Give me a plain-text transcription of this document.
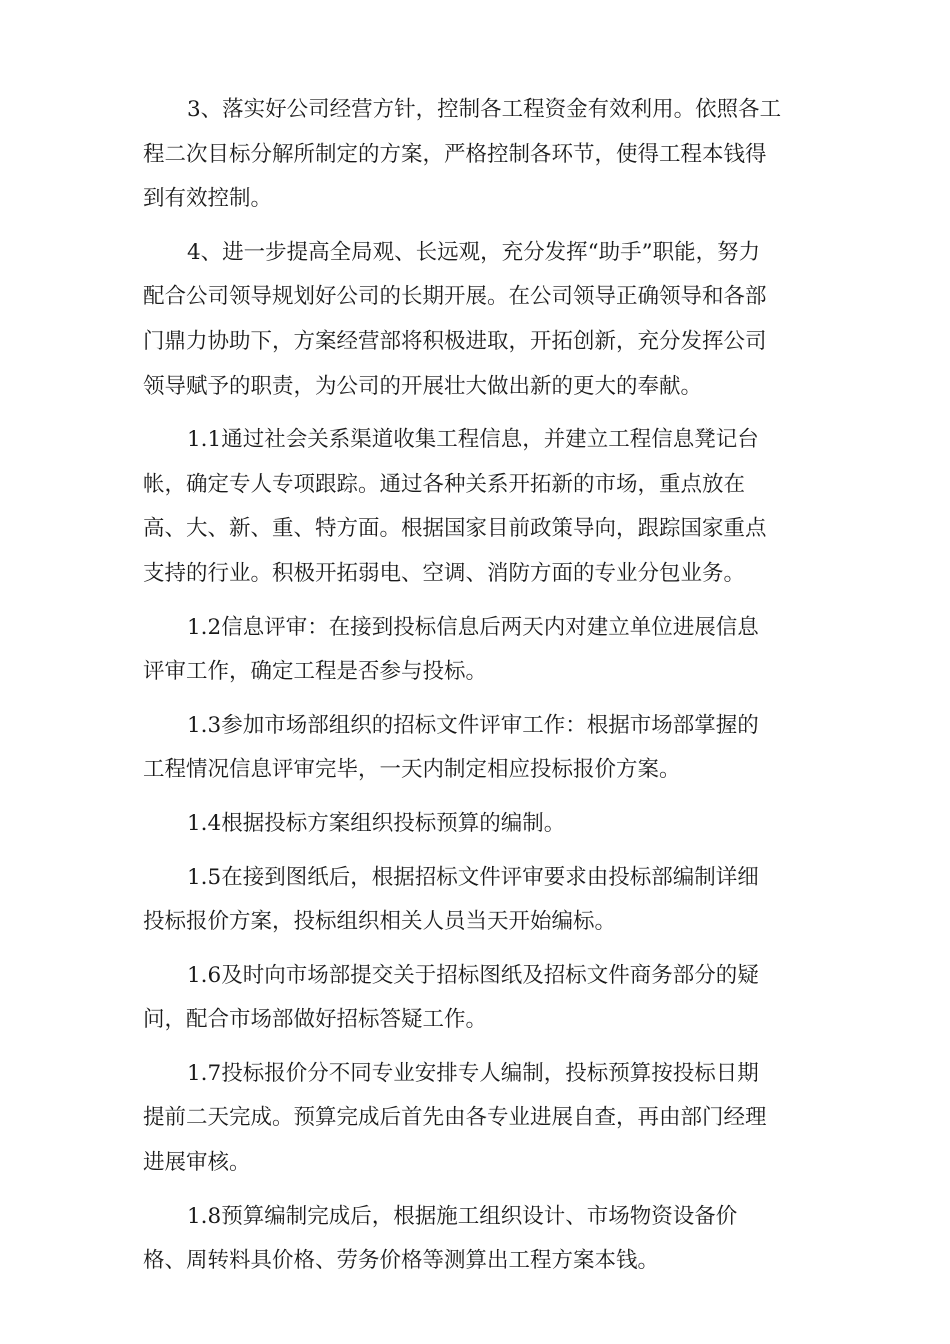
3、落实好公司经营方针，控制各工程资金有效利用。依照各工
程二次目标分解所制定的方案，严格控制各环节，使得工程本钱得
到有效控制。

4、进一步提高全局观、长远观，充分发挥“助手”职能，努力
配合公司领导规划好公司的长期开展。在公司领导正确领导和各部
门鼎力协助下，方案经营部将积极进取，开拓创新，充分发挥公司
领导赋予的职责，为公司的开展壮大做出新的更大的奉献。

1.1通过社会关系渠道收集工程信息，并建立工程信息凳记台
帐，确定专人专项跟踪。通过各种关系开拓新的市场，重点放在
高、大、新、重、特方面。根据国家目前政策导向，跟踪国家重点
支持的行业。积极开拓弱电、空调、消防方面的专业分包业务。

1.2信息评审：在接到投标信息后两天内对建立单位进展信息
评审工作，确定工程是否参与投标。

1.3参加市场部组织的招标文件评审工作：根据市场部掌握的
工程情况信息评审完毕，一天内制定相应投标报价方案。

1.4根据投标方案组织投标预算的编制。

1.5在接到图纸后，根据招标文件评审要求由投标部编制详细
投标报价方案，投标组织相关人员当天开始编标。

1.6及时向市场部提交关于招标图纸及招标文件商务部分的疑
问，配合市场部做好招标答疑工作。

1.7投标报价分不同专业安排专人编制，投标预算按投标日期
提前二天完成。预算完成后首先由各专业进展自查，再由部门经理
进展审核。

1.8预算编制完成后，根据施工组织设计、市场物资设备价
格、周转料具价格、劳务价格等测算出工程方案本钱。
